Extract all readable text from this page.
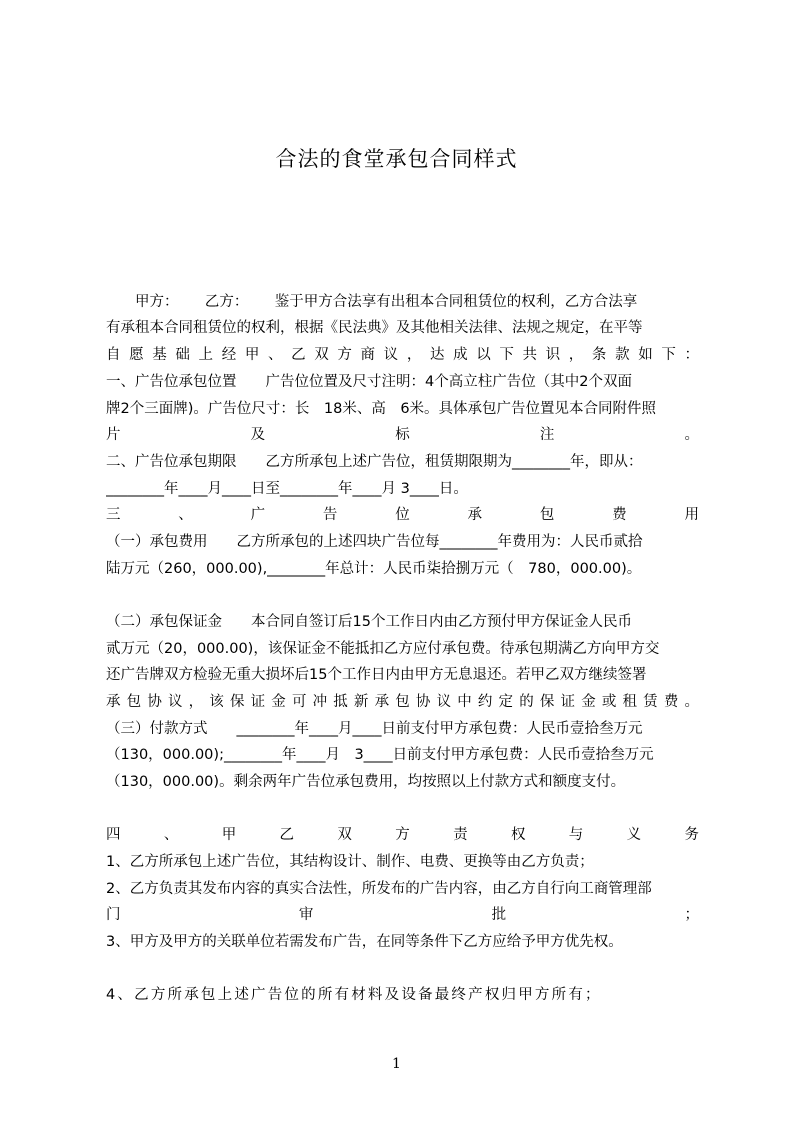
合法的食堂承包合同样式
　　甲方：　　 乙方：　　 鉴于甲方合法享有出租本合同租赁位的权利，乙方合法享
有承租本合同租赁位的权利，根据《民法典》及其他相关法律、法规之规定，在平等
自 愿 基 础 上 经 甲 、 乙 双 方 商 议 ， 达 成 以 下 共 识 ， 条 款 如 下 ：
一、广告位承包位置　　广告位位置及尺寸注明：4个高立柱广告位（其中2个双面
牌2个三面牌)。广告位尺寸：长　18米、高　6米。具体承包广告位置见本合同附件照
片 及 标 注 。
二、广告位承包期限　　乙方所承包上述广告位，租赁期限期为________年，即从：
________年____月____日至________年____月 3____日。
三 、 广 告 位 承 包 费 用
（一）承包费用　　乙方所承包的上述四块广告位每________年费用为：人民币贰拾
陆万元（260，000.00),________年总计：人民币柒拾捌万元（　780，000.00)。
（二）承包保证金　　本合同自签订后15个工作日内由乙方预付甲方保证金人民币
贰万元（20，000.00)，该保证金不能抵扣乙方应付承包费。待承包期满乙方向甲方交
还广告牌双方检验无重大损坏后15个工作日内由甲方无息退还。若甲乙双方继续签署
承 包 协 议 ， 该 保 证 金 可 冲 抵 新 承 包 协 议 中 约 定 的 保 证 金 或 租 赁 费 。
（三）付款方式　　________年____月____日前支付甲方承包费：人民币壹拾叁万元
（130，000.00);________年____月　3____日前支付甲方承包费：人民币壹拾叁万元
（130，000.00)。剩余两年广告位承包费用，均按照以上付款方式和额度支付。
四 、 甲 乙 双 方 责 权 与 义 务
1、乙方所承包上述广告位，其结构设计、制作、电费、更换等由乙方负责；
2、乙方负责其发布内容的真实合法性，所发布的广告内容，由乙方自行向工商管理部
门 审 批 ；
3、甲方及甲方的关联单位若需发布广告，在同等条件下乙方应给予甲方优先权。
4、乙方所承包上述广告位的所有材料及设备最终产权归甲方所有；
1
